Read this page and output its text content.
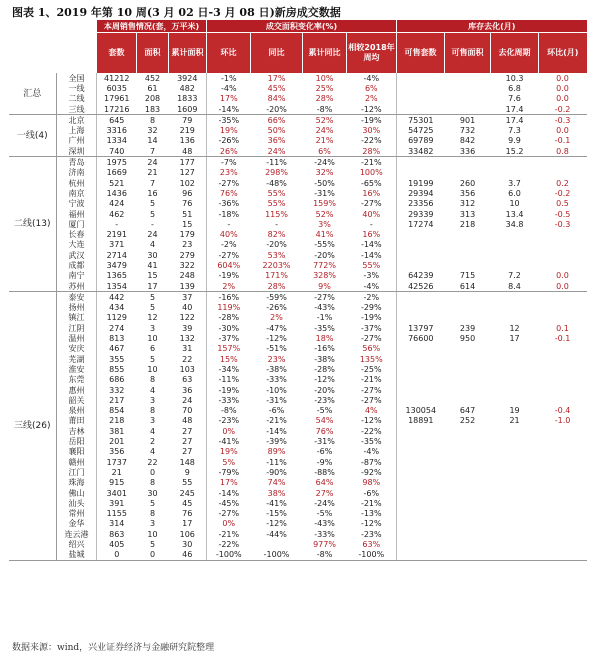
图表 1、2019 年第 10 周(3 月 02 日-3 月 08 日)新房成交数据
		本周销售情况(套，万平米)			成交面积变化率(%)				库存去化(月)			
		套数	面积	累计面积	环比	同比	累计同比	相较2018年周均	可售套数	可售面积	去化周期	环比(月)
汇总	全国	41212	452	3924	-1%	17%	10%	-4%			10.3	0.0
	一线	6035	61	482	-4%	45%	25%	6%			6.8	0.0
	二线	17961	208	1833	17%	84%	28%	2%			7.6	0.0
	三线	17216	183	1609	-14%	-20%	-8%	-12%			17.4	-0.2
一线(4)	北京	645	8	79	-35%	66%	52%	-19%	75301	901	17.4	-0.3
	上海	3316	32	219	19%	50%	24%	30%	54725	732	7.3	0.0
	广州	1334	14	136	-26%	36%	21%	-22%	69789	842	9.9	-0.1
	深圳	740	7	48	26%	24%	6%	28%	33482	336	15.2	0.8
二线(13)	青岛	1975	24	177	-7%	-11%	-24%	-21%				
	济南	1669	21	127	23%	298%	32%	100%				
	杭州	521	7	102	-27%	-48%	-50%	-65%	19199	260	3.7	0.2
	南京	1436	16	96	76%	55%	-31%	16%	29394	356	6.0	-0.2
	宁波	424	5	76	-36%	55%	159%	-27%	23356	312	10	0.5
	福州	462	5	51	-18%	115%	52%	40%	29339	313	13.4	-0.5
	厦门	-	-	15	-	-	3%	-	17274	218	34.8	-0.3
	长春	2191	24	179	40%	82%	41%	16%				
	大连	371	4	23	-2%	-20%	-55%	-14%				
	武汉	2714	30	279	-27%	53%	-20%	-14%				
	成都	3479	41	322	604%	2203%	772%	55%				
	南宁	1365	15	248	-19%	171%	328%	-3%	64239	715	7.2	0.0
	苏州	1354	17	139	2%	28%	9%	-4%	42526	614	8.4	0.0
三线(26)	泰安	442	5	37	-16%	-59%	-27%	-2%				
	扬州	434	5	40	119%	-26%	-43%	-29%				
	镇江	1129	12	122	-28%	2%	-1%	-19%				
	江阴	274	3	39	-30%	-47%	-35%	-37%	13797	239	12	0.1
	温州	813	10	132	-37%	-12%	18%	-27%	76600	950	17	-0.1
	安庆	467	6	31	157%	-51%	-16%	56%				
	芜湖	355	5	22	15%	23%	-38%	135%				
	淮安	855	10	103	-34%	-38%	-28%	-25%				
	东莞	686	8	63	-11%	-33%	-12%	-21%				
	惠州	332	4	36	-19%	-10%	-20%	-27%				
	韶关	217	3	24	-33%	-31%	-23%	-27%				
	泉州	854	8	70	-8%	-6%	-5%	4%	130054	647	19	-0.4
	莆田	218	3	48	-23%	-21%	54%	-12%	18891	252	21	-1.0
	吉林	381	4	27	0%	-14%	76%	-22%				
	岳阳	201	2	27	-41%	-39%	-31%	-35%				
	襄阳	356	4	27	19%	89%	-6%	-4%				
	赣州	1737	22	148	5%	-11%	-9%	-87%				
	江门	21	0	9	-79%	-90%	-88%	-92%				
	珠海	915	8	55	17%	74%	64%	98%				
	佛山	3401	30	245	-14%	38%	27%	-6%				
	汕头	391	5	45	-45%	-41%	-24%	-21%				
	常州	1155	8	76	-27%	-15%	-5%	-13%				
	金华	314	3	17	0%	-12%	-43%	-12%				
	连云港	863	10	106	-21%	-44%	-33%	-23%				
	绍兴	405	5	30	-22%		977%	63%				
	盐城	0	0	46	-100%	-100%	-8%	-100%				
数据来源：wind，兴业证券经济与金融研究院整理
